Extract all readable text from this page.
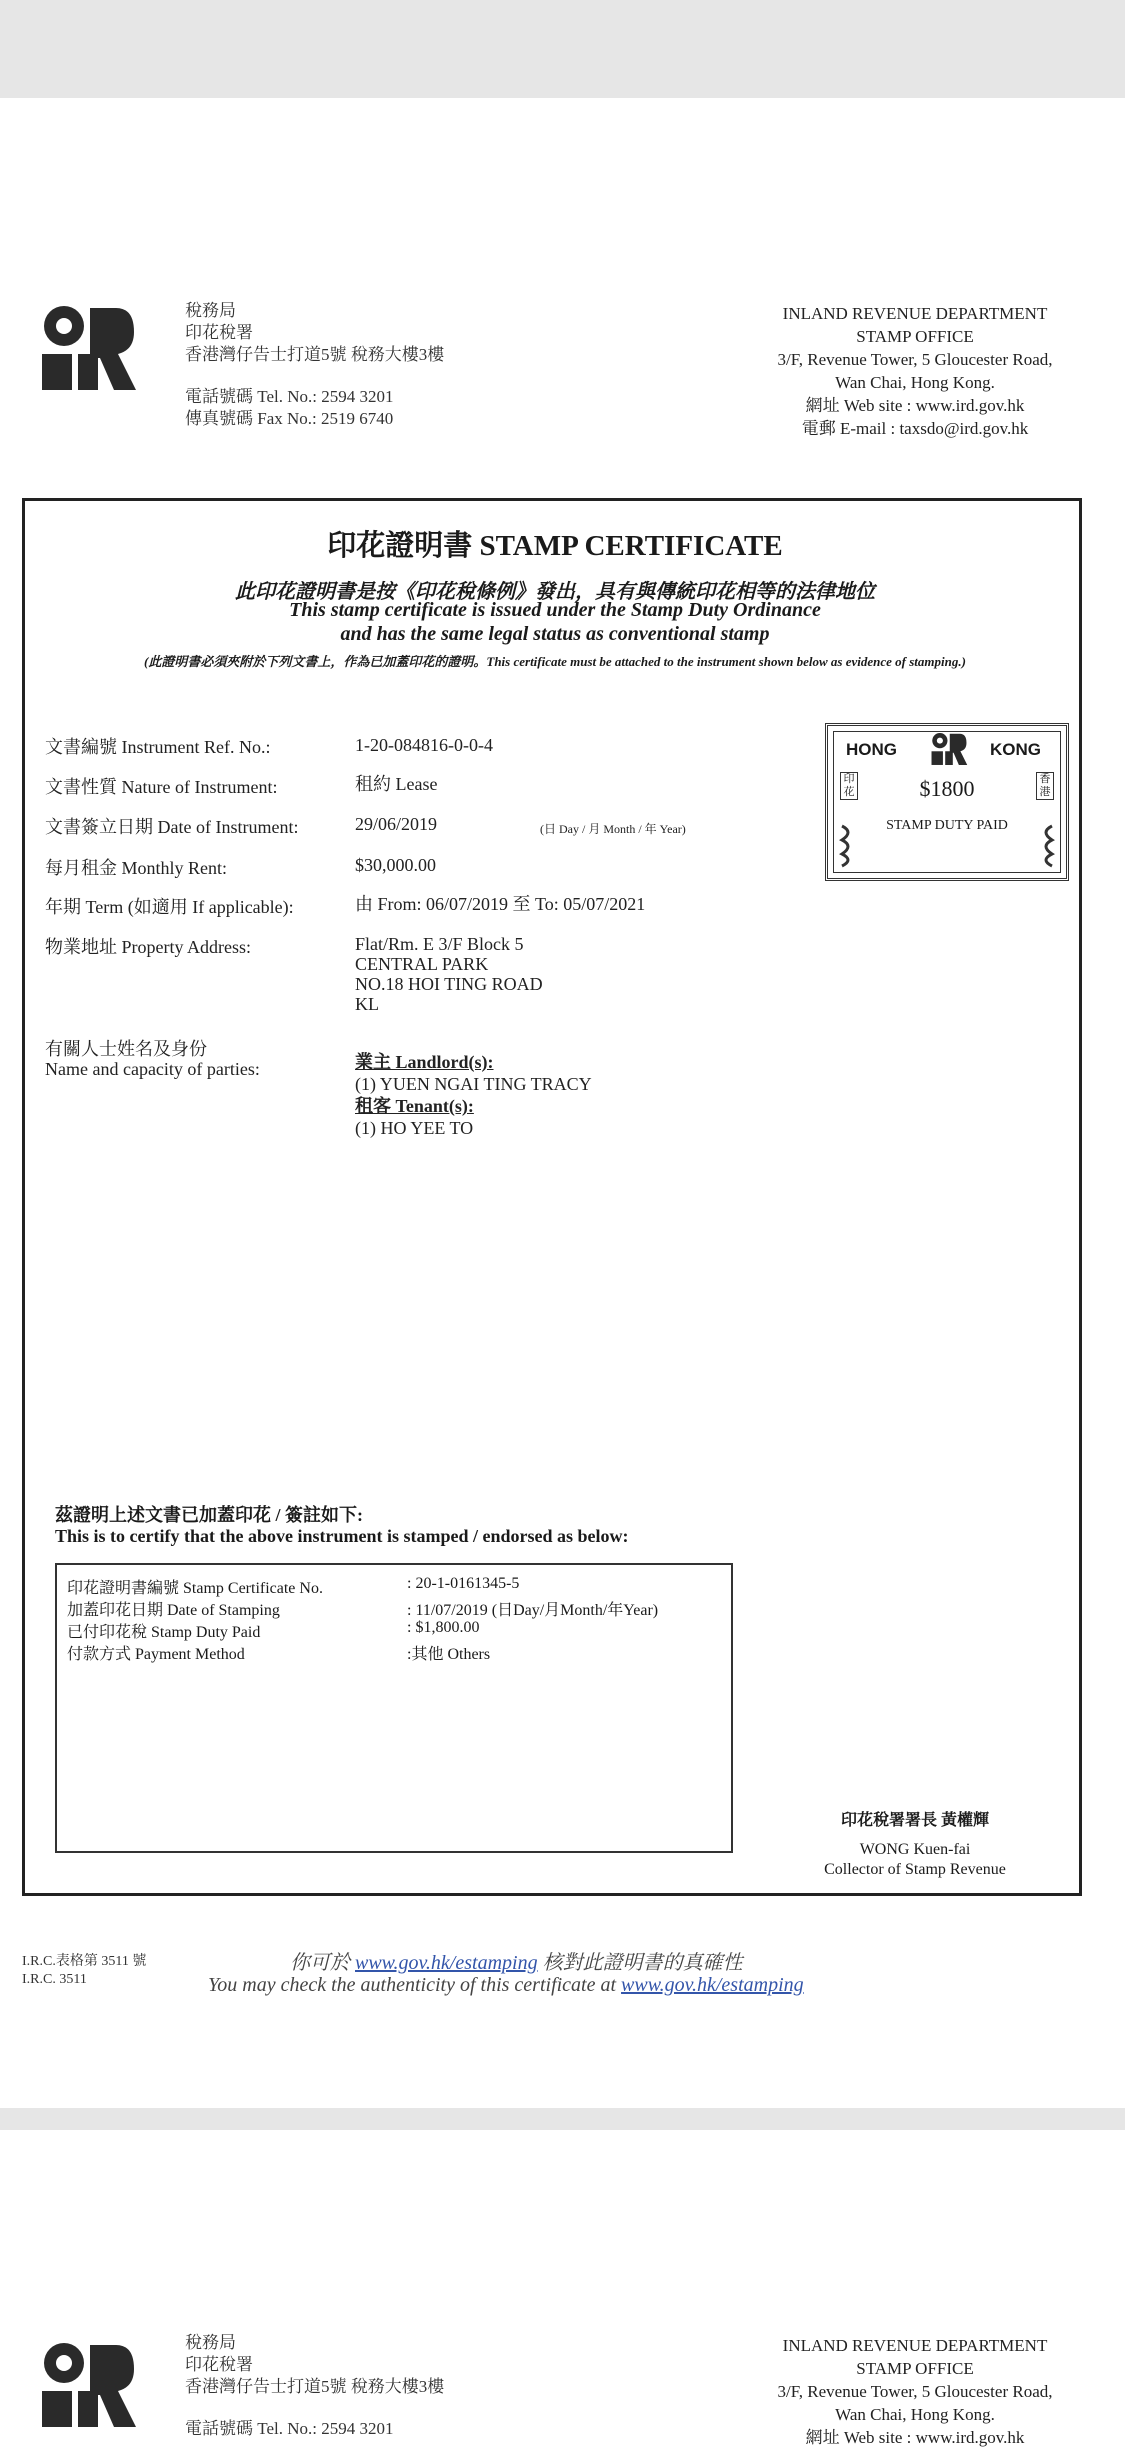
稅務局
印花稅署
香港灣仔告士打道5號 稅務大樓3樓
電話號碼 Tel. No.: 2594 3201
傳真號碼 Fax No.: 2519 6740
INLAND REVENUE DEPARTMENT
STAMP OFFICE
3/F, Revenue Tower, 5 Gloucester Road,
Wan Chai, Hong Kong.
網址 Web site : www.ird.gov.hk
電郵 E-mail : taxsdo@ird.gov.hk
印花證明書 STAMP CERTIFICATE
此印花證明書是按《印花稅條例》發出，具有與傳統印花相等的法律地位
This stamp certificate is issued under the Stamp Duty Ordinance
and has the same legal status as conventional stamp
(此證明書必須夾附於下列文書上，作為已加蓋印花的證明。This certificate must be attached to the instrument shown below as evidence of stamping.)
文書編號 Instrument Ref. No.:	1-20-084816-0-0-4
文書性質 Nature of Instrument:	租約 Lease
文書簽立日期 Date of Instrument:	29/06/2019	(日 Day / 月 Month / 年 Year)
每月租金 Monthly Rent:	$30,000.00
年期 Term (如適用 If applicable):	由 From: 06/07/2019 至 To: 05/07/2021
物業地址 Property Address:	Flat/Rm. E 3/F Block 5
CENTRAL PARK
NO.18 HOI TING ROAD
KL
有關人士姓名及身份
Name and capacity of parties:	業主 Landlord(s):
(1) YUEN NGAI TING TRACY
租客 Tenant(s):
(1) HO YEE TO
HONG	KONG
$1800
STAMP DUTY PAID
印花
香港
茲證明上述文書已加蓋印花 / 簽註如下:
This is to certify that the above instrument is stamped / endorsed as below:
印花證明書編號 Stamp Certificate No.	: 20-1-0161345-5
加蓋印花日期 Date of Stamping	: 11/07/2019 (日Day/月Month/年Year)
已付印花稅 Stamp Duty Paid	: $1,800.00
付款方式 Payment Method	:其他 Others
印花稅署署長 黃權輝
WONG Kuen-fai
Collector of Stamp Revenue
I.R.C.表格第 3511 號
I.R.C. 3511
你可於 www.gov.hk/estamping 核對此證明書的真確性
You may check the authenticity of this certificate at www.gov.hk/estamping
稅務局
印花稅署
香港灣仔告士打道5號 稅務大樓3樓
電話號碼 Tel. No.: 2594 3201
INLAND REVENUE DEPARTMENT
STAMP OFFICE
3/F, Revenue Tower, 5 Gloucester Road,
Wan Chai, Hong Kong.
網址 Web site : www.ird.gov.hk
